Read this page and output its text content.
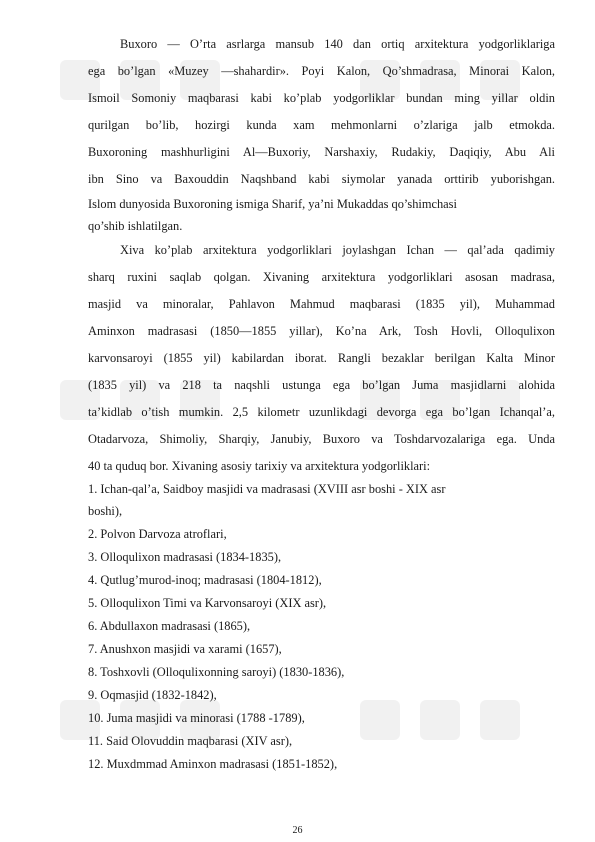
Buxoro — O’rta asrlarga mansub 140 dan ortiq arxitektura yodgorliklariga

ega bo’lgan «Muzey —shahardir». Poyi Kalon, Qo’shmadrasa, Minorai Kalon,

Ismoil Somoniy maqbarasi kabi ko’plab yodgorliklar bundan ming yillar oldin

qurilgan bo’lib, hozirgi kunda xam mehmonlarni o’zlariga jalb etmokda.

Buxoroning mashhurligini Al—Buxoriy, Narshaxiy, Rudakiy, Daqiqiy, Abu Ali

ibn Sino va Baxouddin Naqshband kabi siymolar yanada orttirib yuborishgan.

Islom dunyosida Buxoroning ismiga Sharif, ya’ni Mukaddas qo’shimchasi

qo’shib ishlatilgan.

Xiva ko’plab arxitektura yodgorliklari joylashgan Ichan — qal’ada qadimiy

sharq ruxini saqlab qolgan. Xivaning arxitektura yodgorliklari asosan madrasa,

masjid va minoralar, Pahlavon Mahmud maqbarasi (1835 yil), Muhammad

Aminxon madrasasi (1850—1855 yillar), Ko’na Ark, Tosh Hovli, Olloqulixon

karvonsaroyi (1855 yil) kabilardan iborat. Rangli bezaklar berilgan Kalta Minor

(1835 yil) va 218 ta naqshli ustunga ega bo’lgan Juma masjidlarni alohida

ta’kidlab o’tish mumkin. 2,5 kilometr uzunlikdagi devorga ega bo’lgan Ichanqal’a,

Otadarvoza, Shimoliy, Sharqiy, Janubiy, Buxoro va Toshdarvozalariga ega. Unda

40 ta quduq bor. Xivaning asosiy tarixiy va arxitektura yodgorliklari:

1. Ichan-qal’a, Saidboy masjidi va madrasasi (XVIII asr boshi - XIX asr

boshi),

2. Polvon Darvoza atroflari,

3. Olloqulixon madrasasi (1834-1835),

4. Qutlug’murod-inoq; madrasasi (1804-1812),

5. Olloqulixon Timi va Karvonsaroyi (XIX asr),

6. Abdullaxon madrasasi (1865),

7. Anushxon masjidi va xarami (1657),

8. Toshxovli (Olloqulixonning saroyi) (1830-1836),

9. Oqmasjid (1832-1842),

10. Juma masjidi va minorasi (1788 -1789),

11. Said Olovuddin maqbarasi (XIV asr),

12. Muxdmmad Aminxon madrasasi (1851-1852),

26
